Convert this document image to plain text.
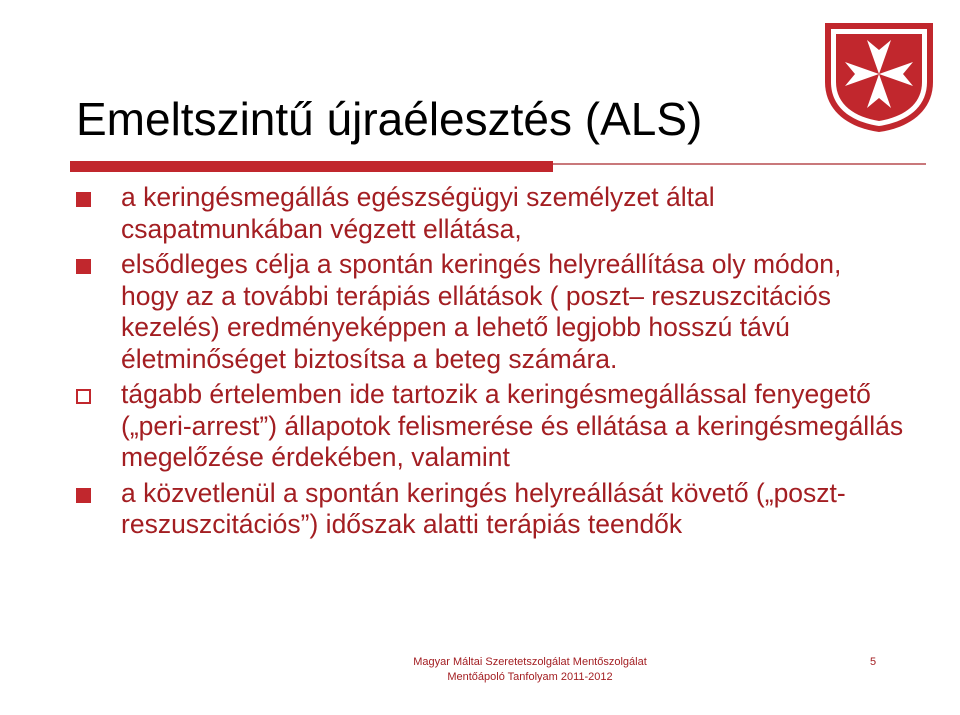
Emeltszintű újraélesztés (ALS)
a keringésmegállás egészségügyi személyzet által csapatmunkában végzett ellátása,
elsődleges célja a spontán keringés helyreállítása oly módon, hogy az a további terápiás ellátások ( poszt– reszuszcitációs kezelés) eredményeképpen a lehető legjobb hosszú távú életminőséget biztosítsa a beteg számára.
tágabb értelemben ide tartozik a keringésmegállással fenyegető („peri-arrest”) állapotok felismerése és ellátása a keringésmegállás megelőzése érdekében, valamint
a közvetlenül a spontán keringés helyreállását követő („poszt-reszuszcitációs”) időszak alatti terápiás teendők
Magyar Máltai Szeretetszolgálat Mentőszolgálat
Mentőápoló Tanfolyam 2011-2012
5
